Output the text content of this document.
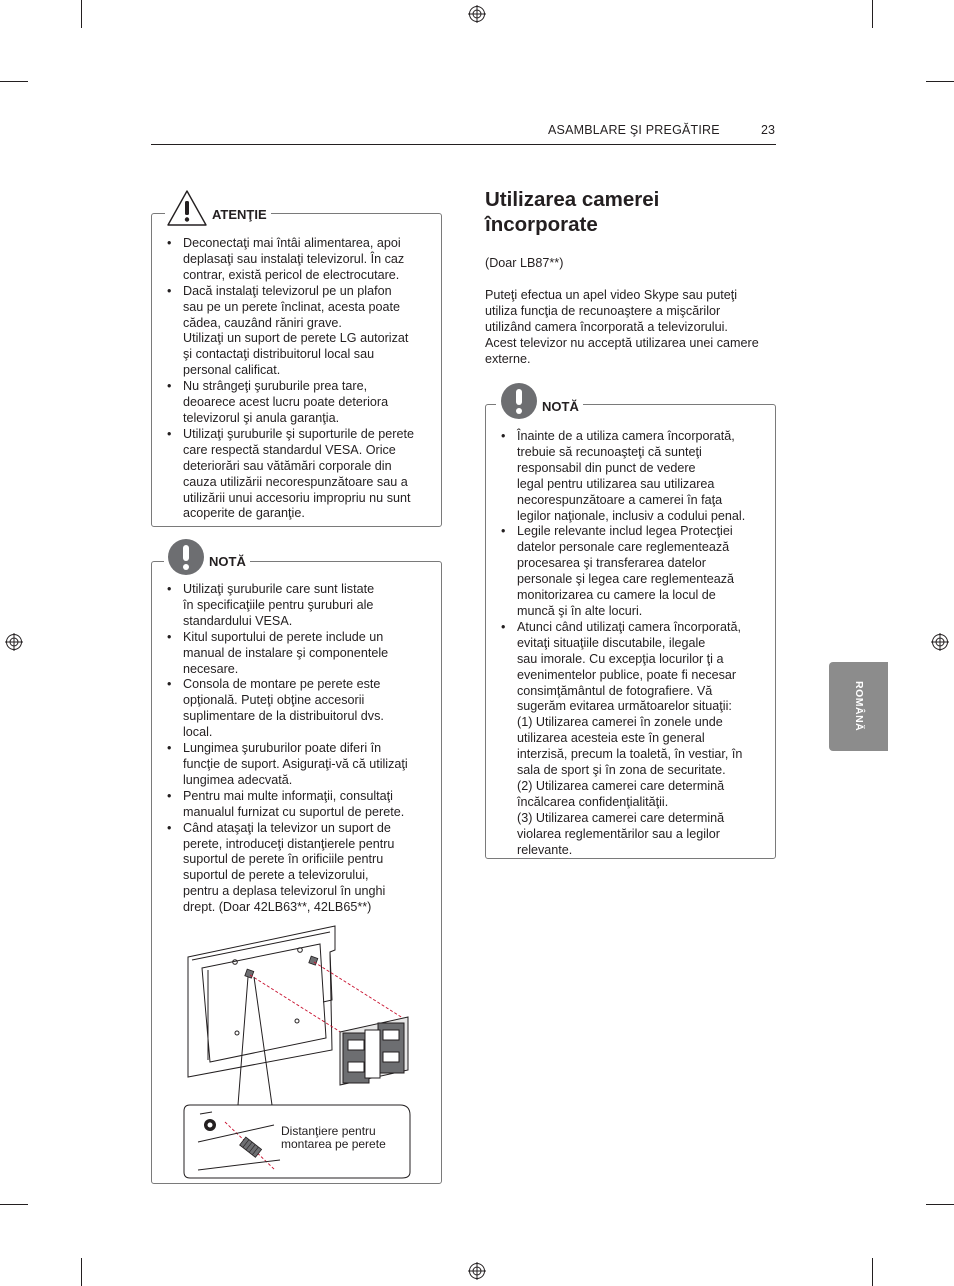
ASAMBLARE ŞI PREGĂTIRE	23
ROMÂNĂ
ATENŢIE
• Deconectaţi mai întâi alimentarea, apoi
deplasaţi sau instalaţi televizorul. În caz
contrar, există pericol de electrocutare.
• Dacă instalaţi televizorul pe un plafon
sau pe un perete înclinat, acesta poate
cădea, cauzând răniri grave.
Utilizaţi un suport de perete LG autorizat
şi contactaţi distribuitorul local sau
personal calificat.
• Nu strângeţi şuruburile prea tare,
deoarece acest lucru poate deteriora
televizorul şi anula garanţia.
• Utilizaţi şuruburile şi suporturile de perete
care respectă standardul VESA. Orice
deteriorări sau vătămări corporale din
cauza utilizării necorespunzătoare sau a
utilizării unui accesoriu impropriu nu sunt
acoperite de garanţie.
NOTĂ
• Utilizaţi şuruburile care sunt listate
în specificaţiile pentru şuruburi ale
standardului VESA.
• Kitul suportului de perete include un
manual de instalare şi componentele
necesare.
• Consola de montare pe perete este
opţională. Puteţi obţine accesorii
suplimentare de la distribuitorul dvs.
local.
• Lungimea şuruburilor poate diferi în
funcţie de suport. Asiguraţi-vă că utilizaţi
lungimea adecvată.
• Pentru mai multe informaţii, consultaţi
manualul furnizat cu suportul de perete.
• Când ataşaţi la televizor un suport de
perete, introduceţi distanţierele pentru
suportul de perete în orificiile pentru
suportul de perete a televizorului,
pentru a deplasa televizorul în unghi
drept. (Doar 42LB63**, 42LB65**)
Distanţiere pentru
montarea pe perete
Utilizarea camerei
încorporate
(Doar LB87**)
Puteţi efectua un apel video Skype sau puteţi
utiliza funcţia de recunoaştere a mişcărilor
utilizând camera încorporată a televizorului.
Acest televizor nu acceptă utilizarea unei camere
externe.
NOTĂ
• Înainte de a utiliza camera încorporată,
trebuie să recunoaşteţi că sunteţi
responsabil din punct de vedere
legal pentru utilizarea sau utilizarea
necorespunzătoare a camerei în faţa
legilor naţionale, inclusiv a codului penal.
• Legile relevante includ legea Protecţiei
datelor personale care reglementează
procesarea şi transferarea datelor
personale şi legea care reglementează
monitorizarea cu camere la locul de
muncă şi în alte locuri.
• Atunci când utilizaţi camera încorporată,
evitaţi situaţiile discutabile, ilegale
sau imorale. Cu excepţia locurilor ţi a
evenimentelor publice, poate fi necesar
consimţământul de fotografiere. Vă
sugerăm evitarea următoarelor situaţii:
(1) Utilizarea camerei în zonele unde
utilizarea acesteia este în general
interzisă, precum la toaletă, în vestiar, în
sala de sport şi în zona de securitate.
(2) Utilizarea camerei care determină
încălcarea confidenţialităţii.
(3) Utilizarea camerei care determină
violarea reglementărilor sau a legilor
relevante.
